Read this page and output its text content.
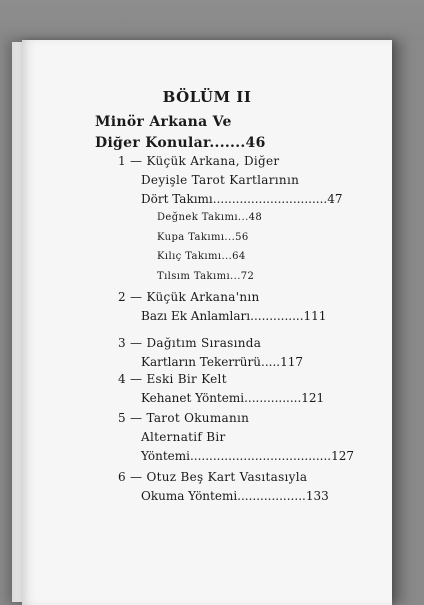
BÖLÜM II
Minör Arkana Ve
Diğer Konular.......46
1 — Küçük Arkana, Diğer
Deyişle Tarot Kartlarının
Dört Takımı..............................47
Değnek Takımı...48
Kupa Takımı...56
Kılıç Takımı...64
Tılsım Takımı...72
2 — Küçük Arkana'nın
Bazı Ek Anlamları..............111
3 — Dağıtım Sırasında
Kartların Tekerrürü.....117
4 — Eski Bir Kelt
Kehanet Yöntemi...............121
5 — Tarot Okumanın
Alternatif Bir
Yöntemi.....................................127
6 — Otuz Beş Kart Vasıtasıyla
Okuma Yöntemi..................133
